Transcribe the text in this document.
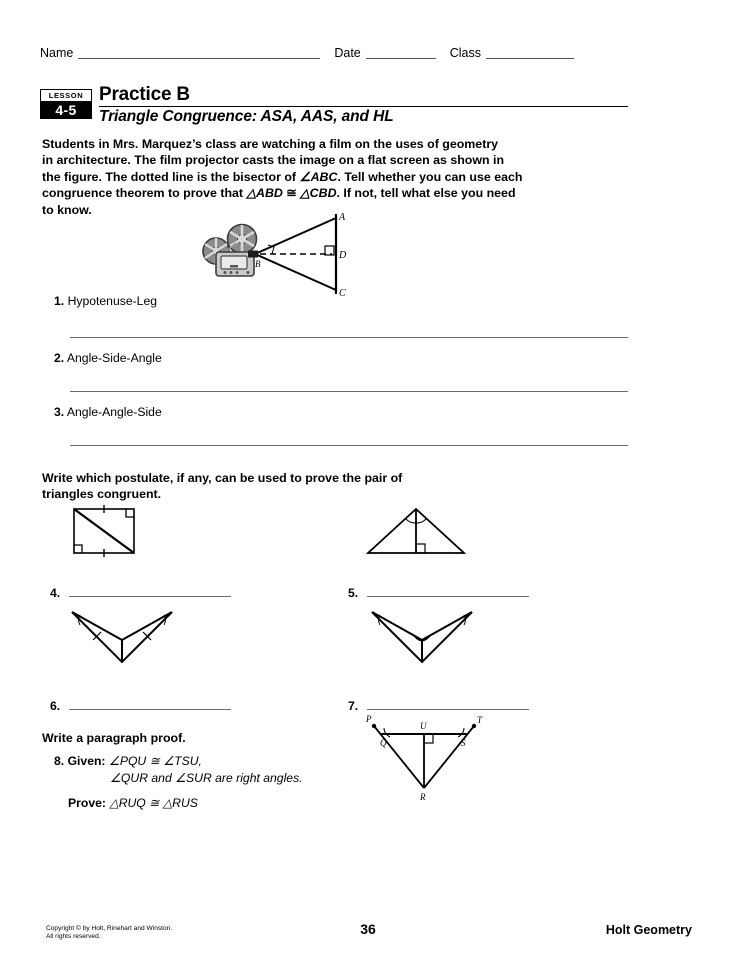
Name	Date	Class
LESSON
4-5
Practice B
Triangle Congruence: ASA, AAS, and HL
Students in Mrs. Marquez’s class are watching a film on the uses of geometry
in architecture. The film projector casts the image on a flat screen as shown in
the figure. The dotted line is the bisector of ∠ABC. Tell whether you can use each
congruence theorem to prove that △ABD ≅ △CBD. If not, tell what else you need
to know.
A
D
C
B
1. Hypotenuse-Leg
2. Angle-Side-Angle
3. Angle-Angle-Side
Write which postulate, if any, can be used to prove the pair of
triangles congruent.
4.	5.
6.	7.
Write a paragraph proof.
8. Given: ∠PQU ≅ ∠TSU,
∠QUR and ∠SUR are right angles.
Prove: △RUQ ≅ △RUS
P
Q
U
S
T
R
Copyright © by Holt, Rinehart and Winston.
All rights reserved.	36	Holt Geometry
